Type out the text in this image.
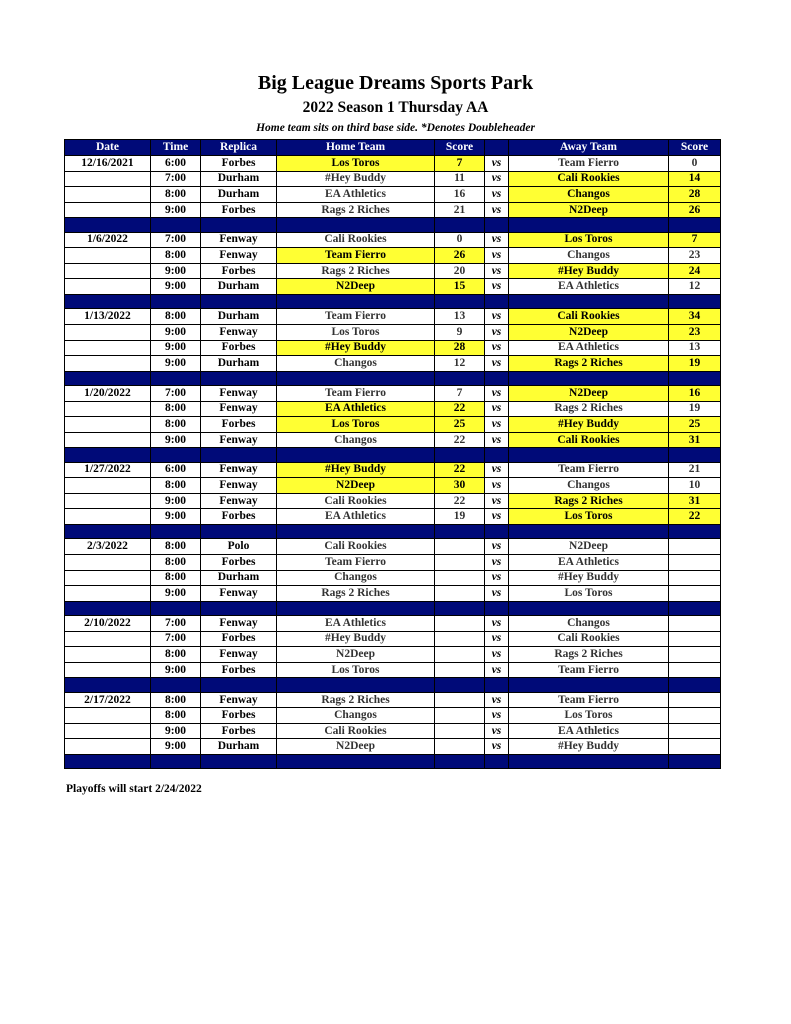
Big League Dreams Sports Park
2022 Season 1 Thursday AA
Home team sits on third base side. *Denotes Doubleheader
Date	Time	Replica	Home Team	Score		Away Team	Score
12/16/2021	6:00	Forbes	Los Toros	7	vs	Team Fierro	0
	7:00	Durham	#Hey Buddy	11	vs	Cali Rookies	14
	8:00	Durham	EA Athletics	16	vs	Changos	28
	9:00	Forbes	Rags 2 Riches	21	vs	N2Deep	26

1/6/2022	7:00	Fenway	Cali Rookies	0	vs	Los Toros	7
	8:00	Fenway	Team Fierro	26	vs	Changos	23
	9:00	Forbes	Rags 2 Riches	20	vs	#Hey Buddy	24
	9:00	Durham	N2Deep	15	vs	EA Athletics	12

1/13/2022	8:00	Durham	Team Fierro	13	vs	Cali Rookies	34
	9:00	Fenway	Los Toros	9	vs	N2Deep	23
	9:00	Forbes	#Hey Buddy	28	vs	EA Athletics	13
	9:00	Durham	Changos	12	vs	Rags 2 Riches	19

1/20/2022	7:00	Fenway	Team Fierro	7	vs	N2Deep	16
	8:00	Fenway	EA Athletics	22	vs	Rags 2 Riches	19
	8:00	Forbes	Los Toros	25	vs	#Hey Buddy	25
	9:00	Fenway	Changos	22	vs	Cali Rookies	31

1/27/2022	6:00	Fenway	#Hey Buddy	22	vs	Team Fierro	21
	8:00	Fenway	N2Deep	30	vs	Changos	10
	9:00	Fenway	Cali Rookies	22	vs	Rags 2 Riches	31
	9:00	Forbes	EA Athletics	19	vs	Los Toros	22

2/3/2022	8:00	Polo	Cali Rookies		vs	N2Deep	
	8:00	Forbes	Team Fierro		vs	EA Athletics	
	8:00	Durham	Changos		vs	#Hey Buddy	
	9:00	Fenway	Rags 2 Riches		vs	Los Toros	

2/10/2022	7:00	Fenway	EA Athletics		vs	Changos	
	7:00	Forbes	#Hey Buddy		vs	Cali Rookies	
	8:00	Fenway	N2Deep		vs	Rags 2 Riches	
	9:00	Forbes	Los Toros		vs	Team Fierro	

2/17/2022	8:00	Fenway	Rags 2 Riches		vs	Team Fierro	
	8:00	Forbes	Changos		vs	Los Toros	
	9:00	Forbes	Cali Rookies		vs	EA Athletics	
	9:00	Durham	N2Deep		vs	#Hey Buddy	

Playoffs will start 2/24/2022
